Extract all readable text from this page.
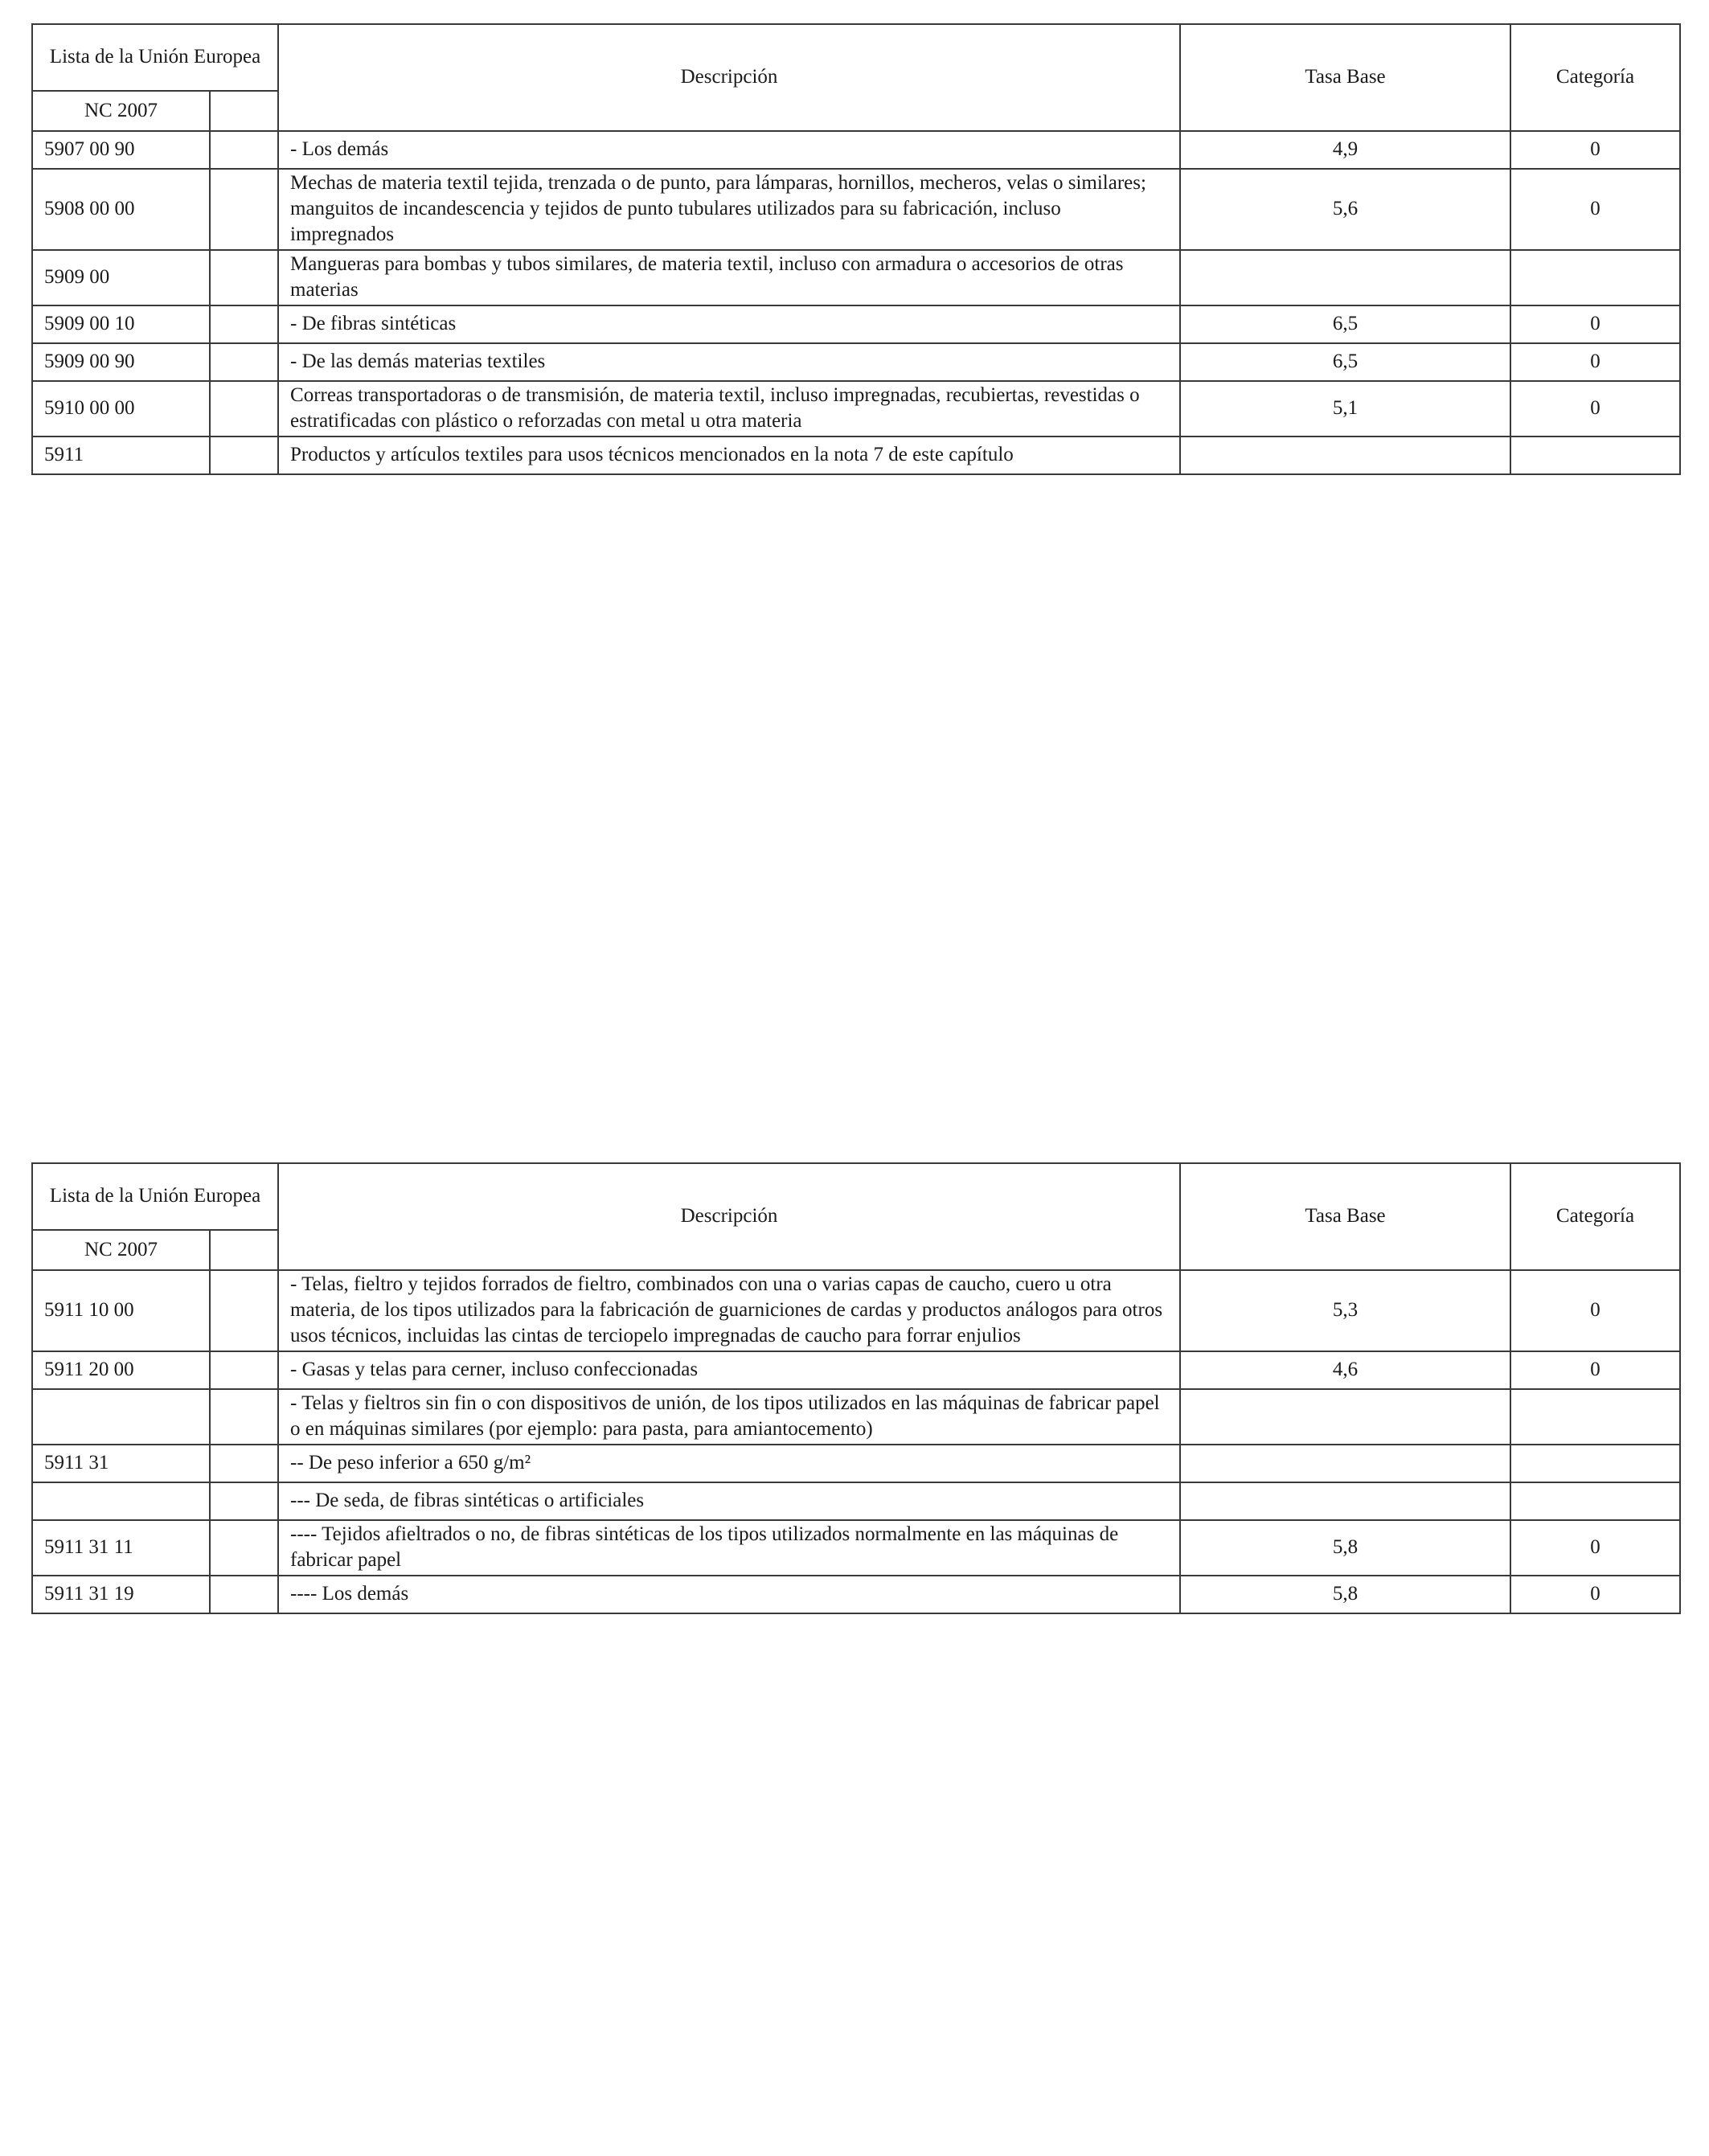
Lista de la Unión Europea		Descripción	Tasa Base	Categoría
NC 2007				
5907 00 90		- Los demás	4,9	0
5908 00 00		Mechas de materia textil tejida, trenzada o de punto, para lámparas, hornillos, mecheros, velas o similares; manguitos de incandescencia y tejidos de punto tubulares utilizados para su fabricación, incluso impregnados	5,6	0
5909 00		Mangueras para bombas y tubos similares, de materia textil, incluso con armadura o accesorios de otras materias		
5909 00 10		- De fibras sintéticas	6,5	0
5909 00 90		- De las demás materias textiles	6,5	0
5910 00 00		Correas transportadoras o de transmisión, de materia textil, incluso impregnadas, recubiertas, revestidas o estratificadas con plástico o reforzadas con metal u otra materia	5,1	0
5911		Productos y artículos textiles para usos técnicos mencionados en la nota 7 de este capítulo		
Lista de la Unión Europea		Descripción	Tasa Base	Categoría
NC 2007				
5911 10 00		- Telas, fieltro y tejidos forrados de fieltro, combinados con una o varias capas de caucho, cuero u otra materia, de los tipos utilizados para la fabricación de guarniciones de cardas y productos análogos para otros usos técnicos, incluidas las cintas de terciopelo impregnadas de caucho para forrar enjulios	5,3	0
5911 20 00		- Gasas y telas para cerner, incluso confeccionadas	4,6	0
		- Telas y fieltros sin fin o con dispositivos de unión, de los tipos utilizados en las máquinas de fabricar papel o en máquinas similares (por ejemplo: para pasta, para amiantocemento)		
5911 31		-- De peso inferior a 650 g/m²		
		--- De seda, de fibras sintéticas o artificiales		
5911 31 11		---- Tejidos afieltrados o no, de fibras sintéticas de los tipos utilizados normalmente en las máquinas de fabricar papel	5,8	0
5911 31 19		---- Los demás	5,8	0
